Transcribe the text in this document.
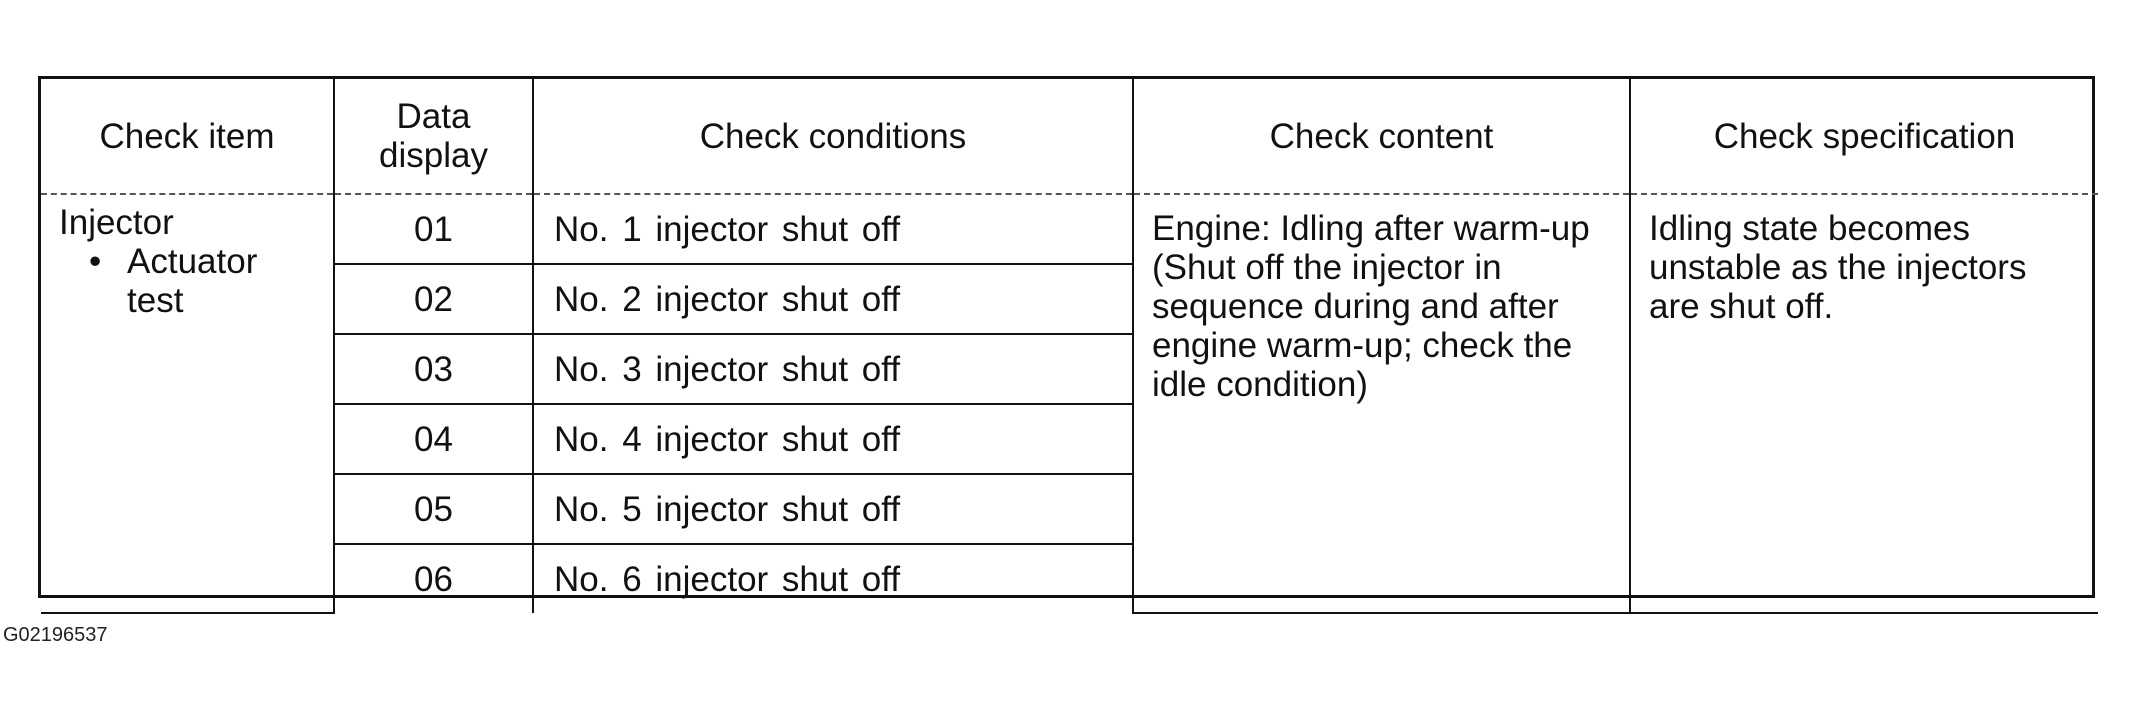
Check item	Data display	Check conditions	Check content	Check specification

Injector
• Actuator test	01	No. 1 injector shut off	Engine: Idling after warm-up (Shut off the injector in sequence during and after engine warm-up; check the idle condition)	Idling state becomes unstable as the injectors are shut off.
	02	No. 2 injector shut off		
	03	No. 3 injector shut off		
	04	No. 4 injector shut off		
	05	No. 5 injector shut off		
	06	No. 6 injector shut off		
G02196537
